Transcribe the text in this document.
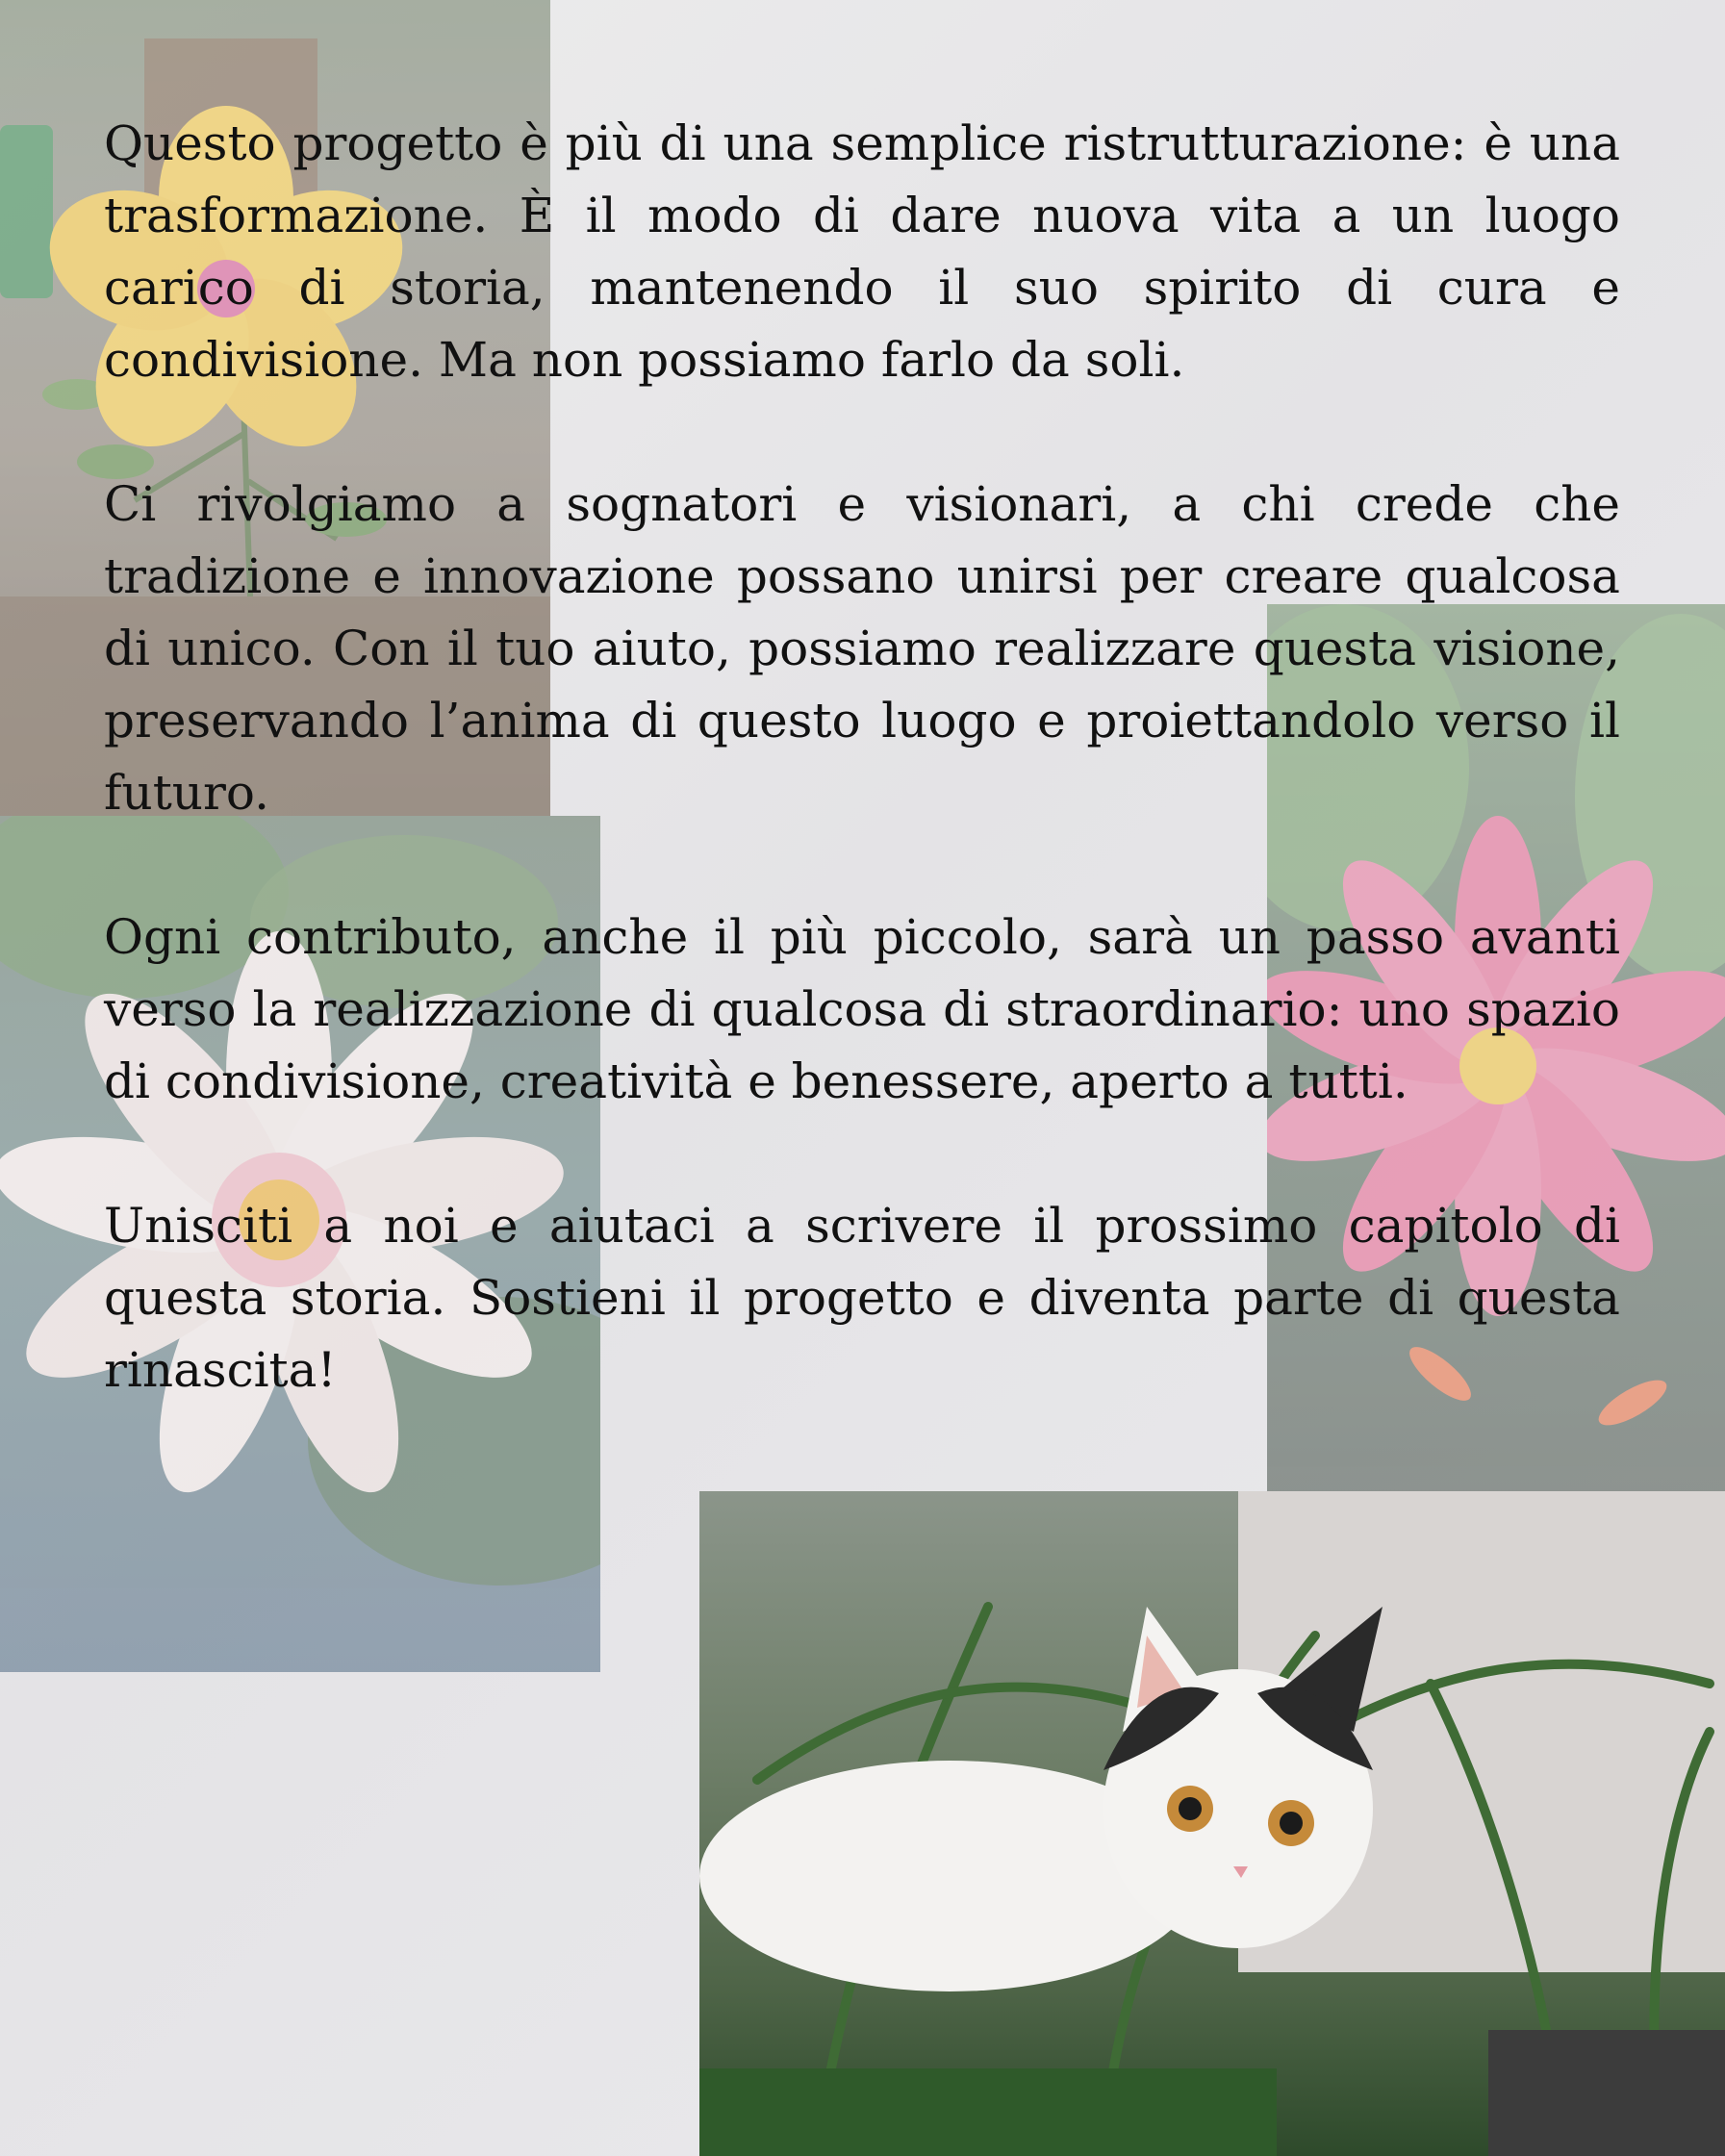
Questo progetto è più di una semplice ristrutturazione: è una trasformazione. È il modo di dare nuova vita a un luogo carico di storia, mantenendo il suo spirito di cura e condivisione. Ma non possiamo farlo da soli.

Ci rivolgiamo a sognatori e visionari, a chi crede che tradizione e innovazione possano unirsi per creare qualcosa di unico. Con il tuo aiuto, possiamo realizzare questa visione, preservando l’anima di questo luogo e proiettandolo verso il futuro.

Ogni contributo, anche il più piccolo, sarà un passo avanti verso la realizzazione di qualcosa di straordinario: uno spazio di condivisione, creatività e benessere, aperto a tutti.

Unisciti a noi e aiutaci a scrivere il prossimo capitolo di questa storia. Sostieni il progetto e diventa parte di questa rinascita!
